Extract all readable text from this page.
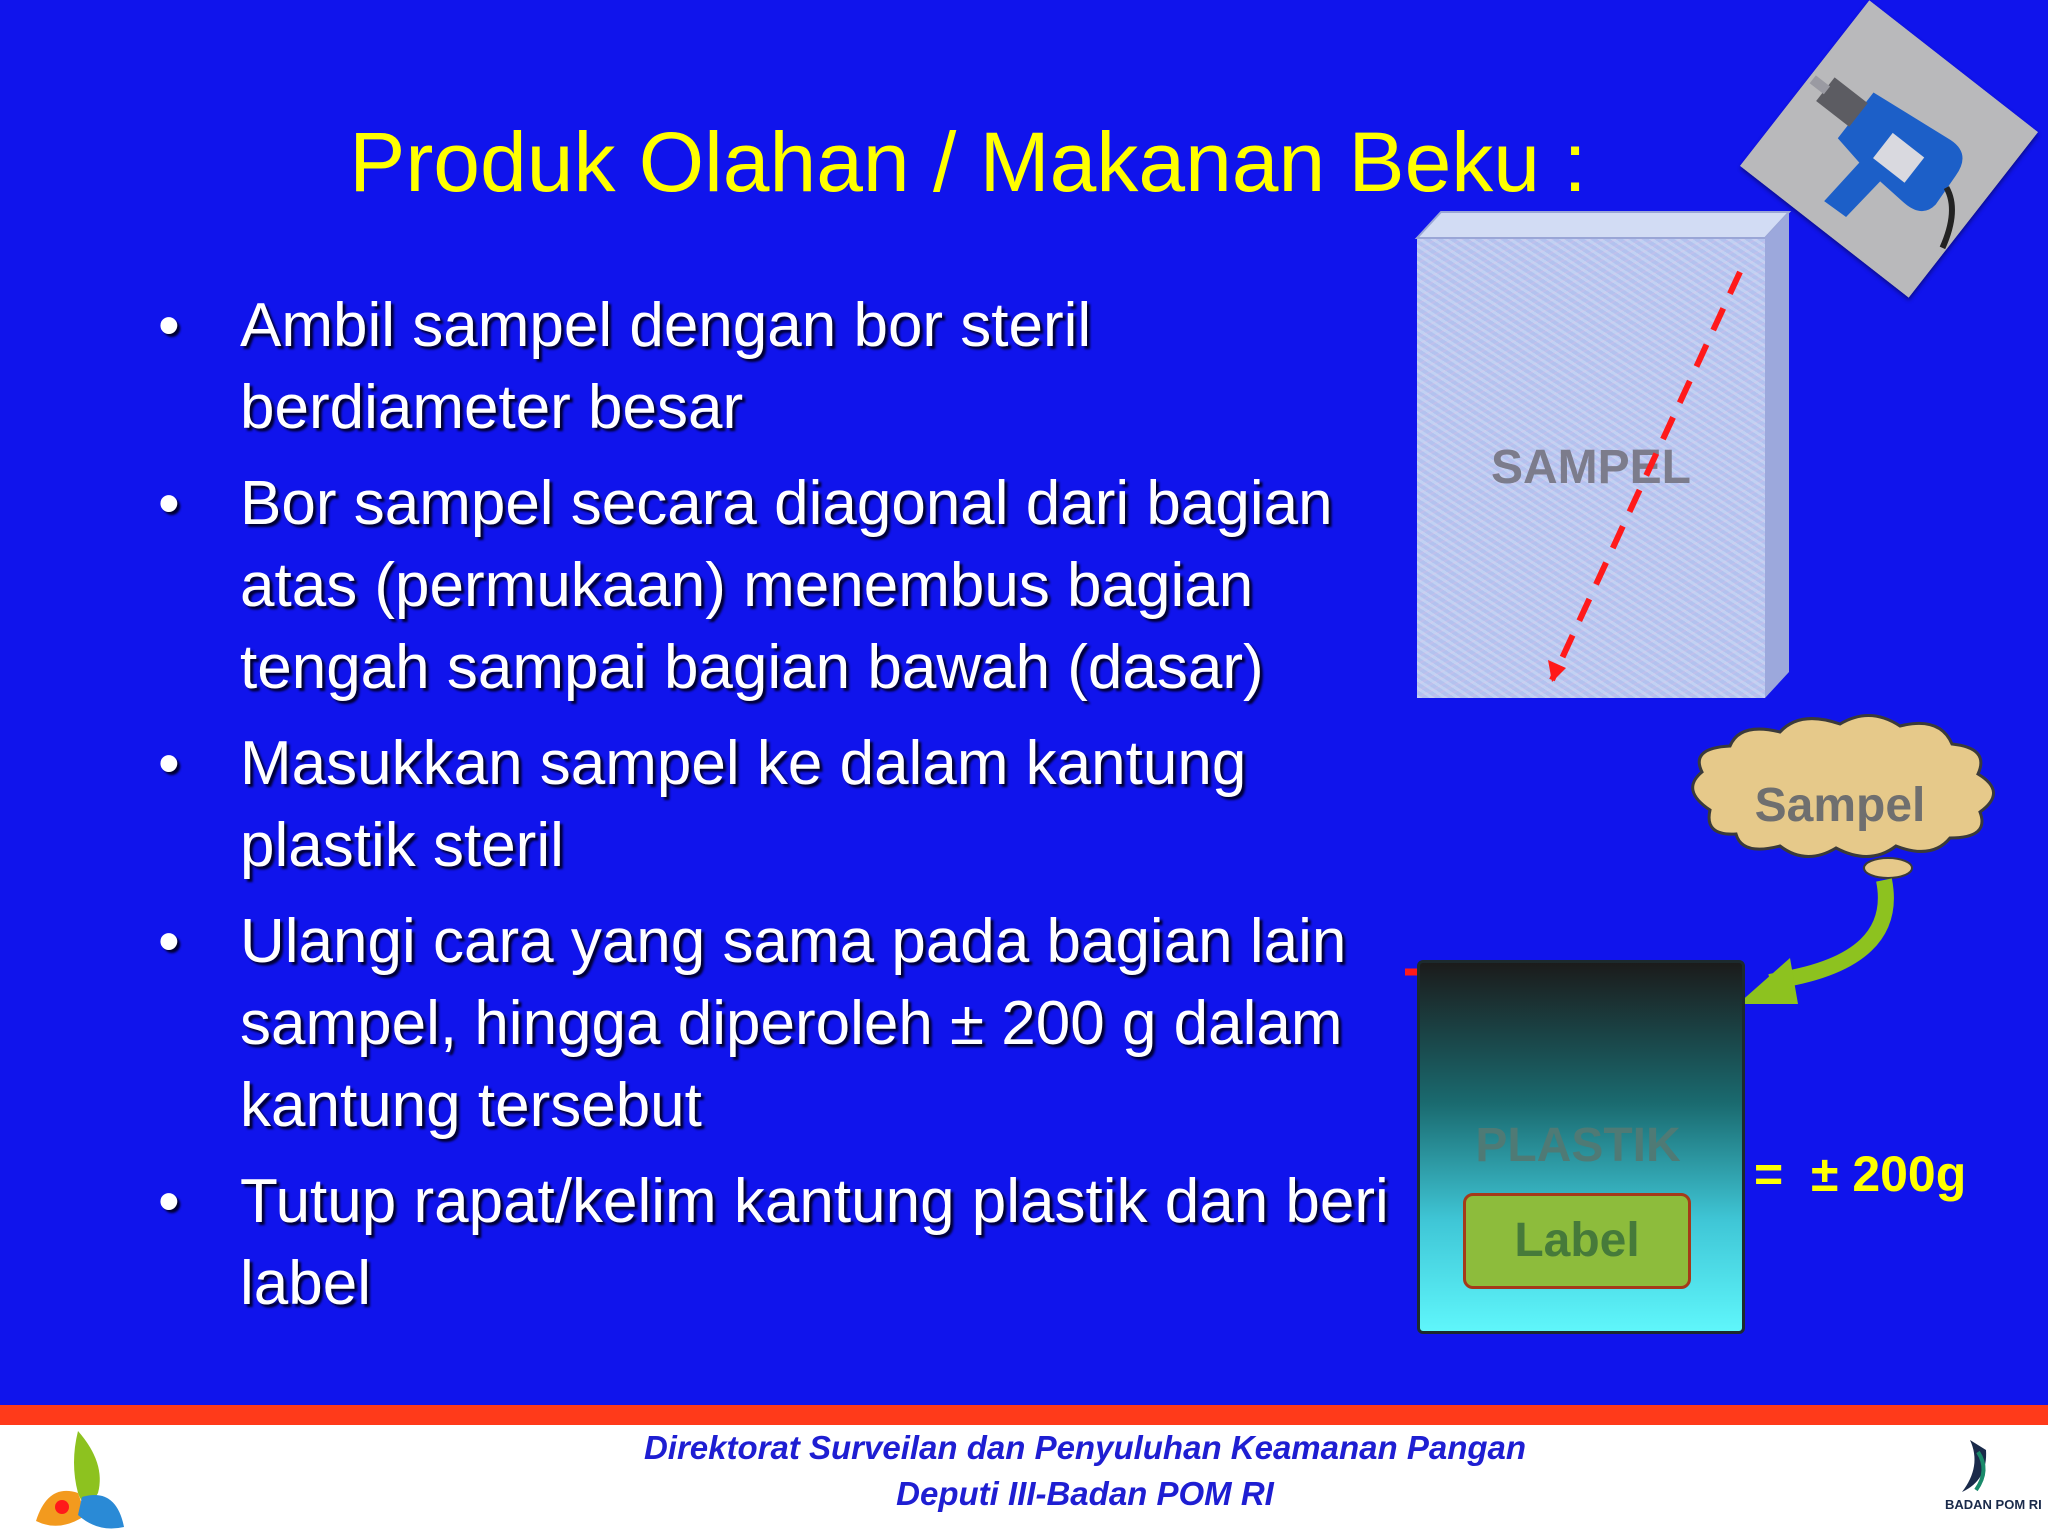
Produk Olahan / Makanan Beku :
• Ambil sampel dengan bor steril berdiameter besar
• Bor sampel secara diagonal dari bagian atas (permukaan) menembus bagian tengah sampai bagian bawah (dasar)
• Masukkan sampel ke dalam kantung plastik steril
• Ulangi cara yang sama pada bagian lain sampel, hingga diperoleh ± 200 g dalam kantung tersebut
• Tutup rapat/kelim kantung plastik dan beri label
SAMPEL
Sampel
PLASTIK
Label
=  ± 200g
Direktorat Surveilan dan Penyuluhan Keamanan Pangan
Deputi III-Badan POM RI	BADAN POM RI
